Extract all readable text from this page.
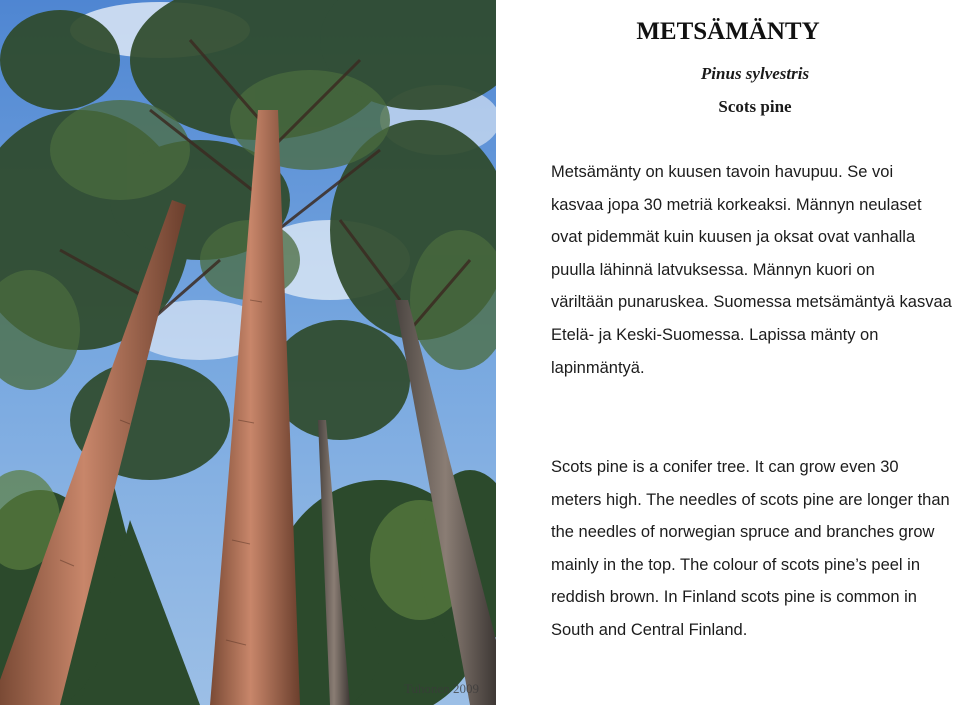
Tuhonen 2009
METSÄMÄNTY
Pinus sylvestris
Scots pine
Metsämänty on kuusen tavoin havupuu. Se voi
kasvaa jopa 30 metriä korkeaksi. Männyn neulaset
ovat pidemmät kuin kuusen ja oksat ovat vanhalla
puulla lähinnä latvuksessa. Männyn kuori on
väriltään punaruskea. Suomessa metsämäntyä kasvaa
Etelä- ja Keski-Suomessa. Lapissa mänty on
lapinmäntyä.
Scots pine is a conifer tree. It can grow even 30
meters high. The needles of scots pine are longer than
the needles of norwegian spruce and branches grow
mainly in the top. The colour of scots pine’s peel in
reddish brown. In Finland scots pine is common in
South and Central Finland.
